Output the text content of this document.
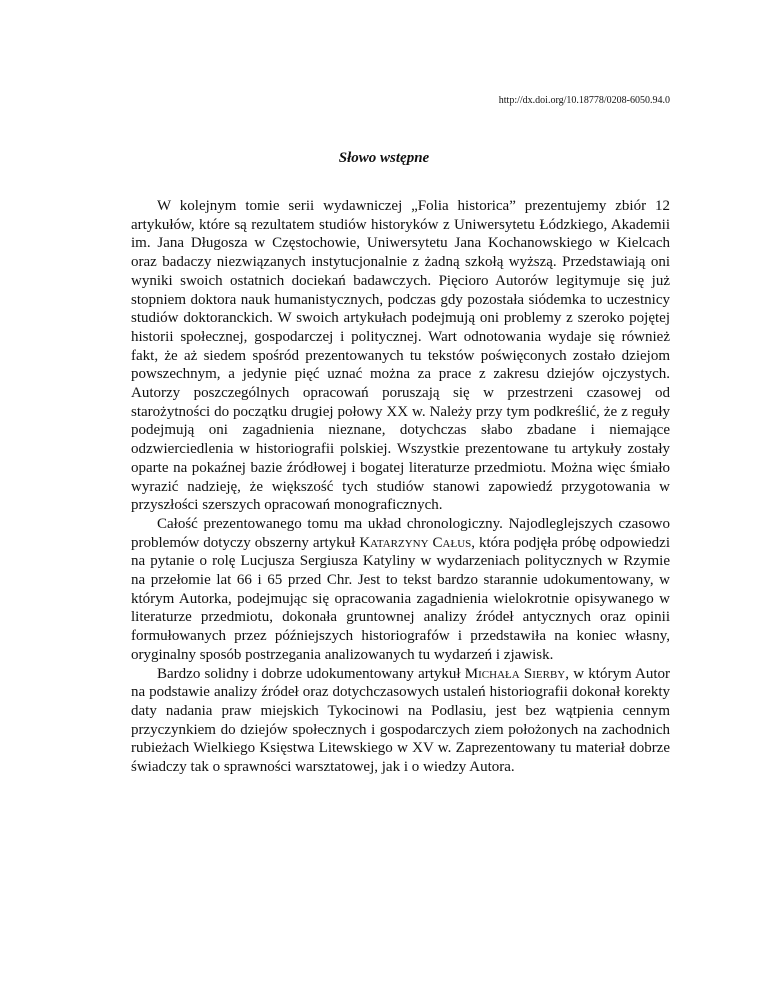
http://dx.doi.org/10.18778/0208-6050.94.0
Słowo wstępne

W kolejnym tomie serii wydawniczej „Folia historica” prezentujemy zbiór 12 artykułów, które są rezultatem studiów historyków z Uniwersytetu Łódzkiego, Akademii im. Jana Długosza w Częstochowie, Uniwersytetu Jana Kochanowskiego w Kielcach oraz badaczy niezwiązanych instytucjonalnie z żadną szkołą wyższą. Przedstawiają oni wyniki swoich ostatnich dociekań badawczych. Pięcioro Autorów legitymuje się już stopniem doktora nauk humanistycznych, podczas gdy pozostała siódemka to uczestnicy studiów doktoranckich. W swoich artykułach podejmują oni problemy z szeroko pojętej historii społecznej, gospodarczej i politycznej. Wart odnotowania wydaje się również fakt, że aż siedem spośród prezentowanych tu tekstów poświęconych zostało dziejom powszechnym, a jedynie pięć uznać można za prace z zakresu dziejów ojczystych. Autorzy poszczególnych opracowań poruszają się w przestrzeni czasowej od starożytności do początku drugiej połowy XX w. Należy przy tym podkreślić, że z reguły podejmują oni zagadnienia nieznane, dotychczas słabo zbadane i niemające odzwierciedlenia w historiografii polskiej. Wszystkie prezentowane tu artykuły zostały oparte na pokaźnej bazie źródłowej i bogatej literaturze przedmiotu. Można więc śmiało wyrazić nadzieję, że większość tych studiów stanowi zapowiedź przygotowania w przyszłości szerszych opracowań monograficznych.

Całość prezentowanego tomu ma układ chronologiczny. Najodleglejszych czasowo problemów dotyczy obszerny artykuł Katarzyny Całus, która podjęła próbę odpowiedzi na pytanie o rolę Lucjusza Sergiusza Katyliny w wydarzeniach politycznych w Rzymie na przełomie lat 66 i 65 przed Chr. Jest to tekst bardzo starannie udokumentowany, w którym Autorka, podejmując się opracowania zagadnienia wielokrotnie opisywanego w literaturze przedmiotu, dokonała gruntownej analizy źródeł antycznych oraz opinii formułowanych przez późniejszych historiografów i przedstawiła na koniec własny, oryginalny sposób postrzegania analizowanych tu wydarzeń i zjawisk.

Bardzo solidny i dobrze udokumentowany artykuł Michała Sierby, w którym Autor na podstawie analizy źródeł oraz dotychczasowych ustaleń historiografii dokonał korekty daty nadania praw miejskich Tykocinowi na Podlasiu, jest bez wątpienia cennym przyczynkiem do dziejów społecznych i gospodarczych ziem położonych na zachodnich rubieżach Wielkiego Księstwa Litewskiego w XV w. Zaprezentowany tu materiał dobrze świadczy tak o sprawności warsztatowej, jak i o wiedzy Autora.
